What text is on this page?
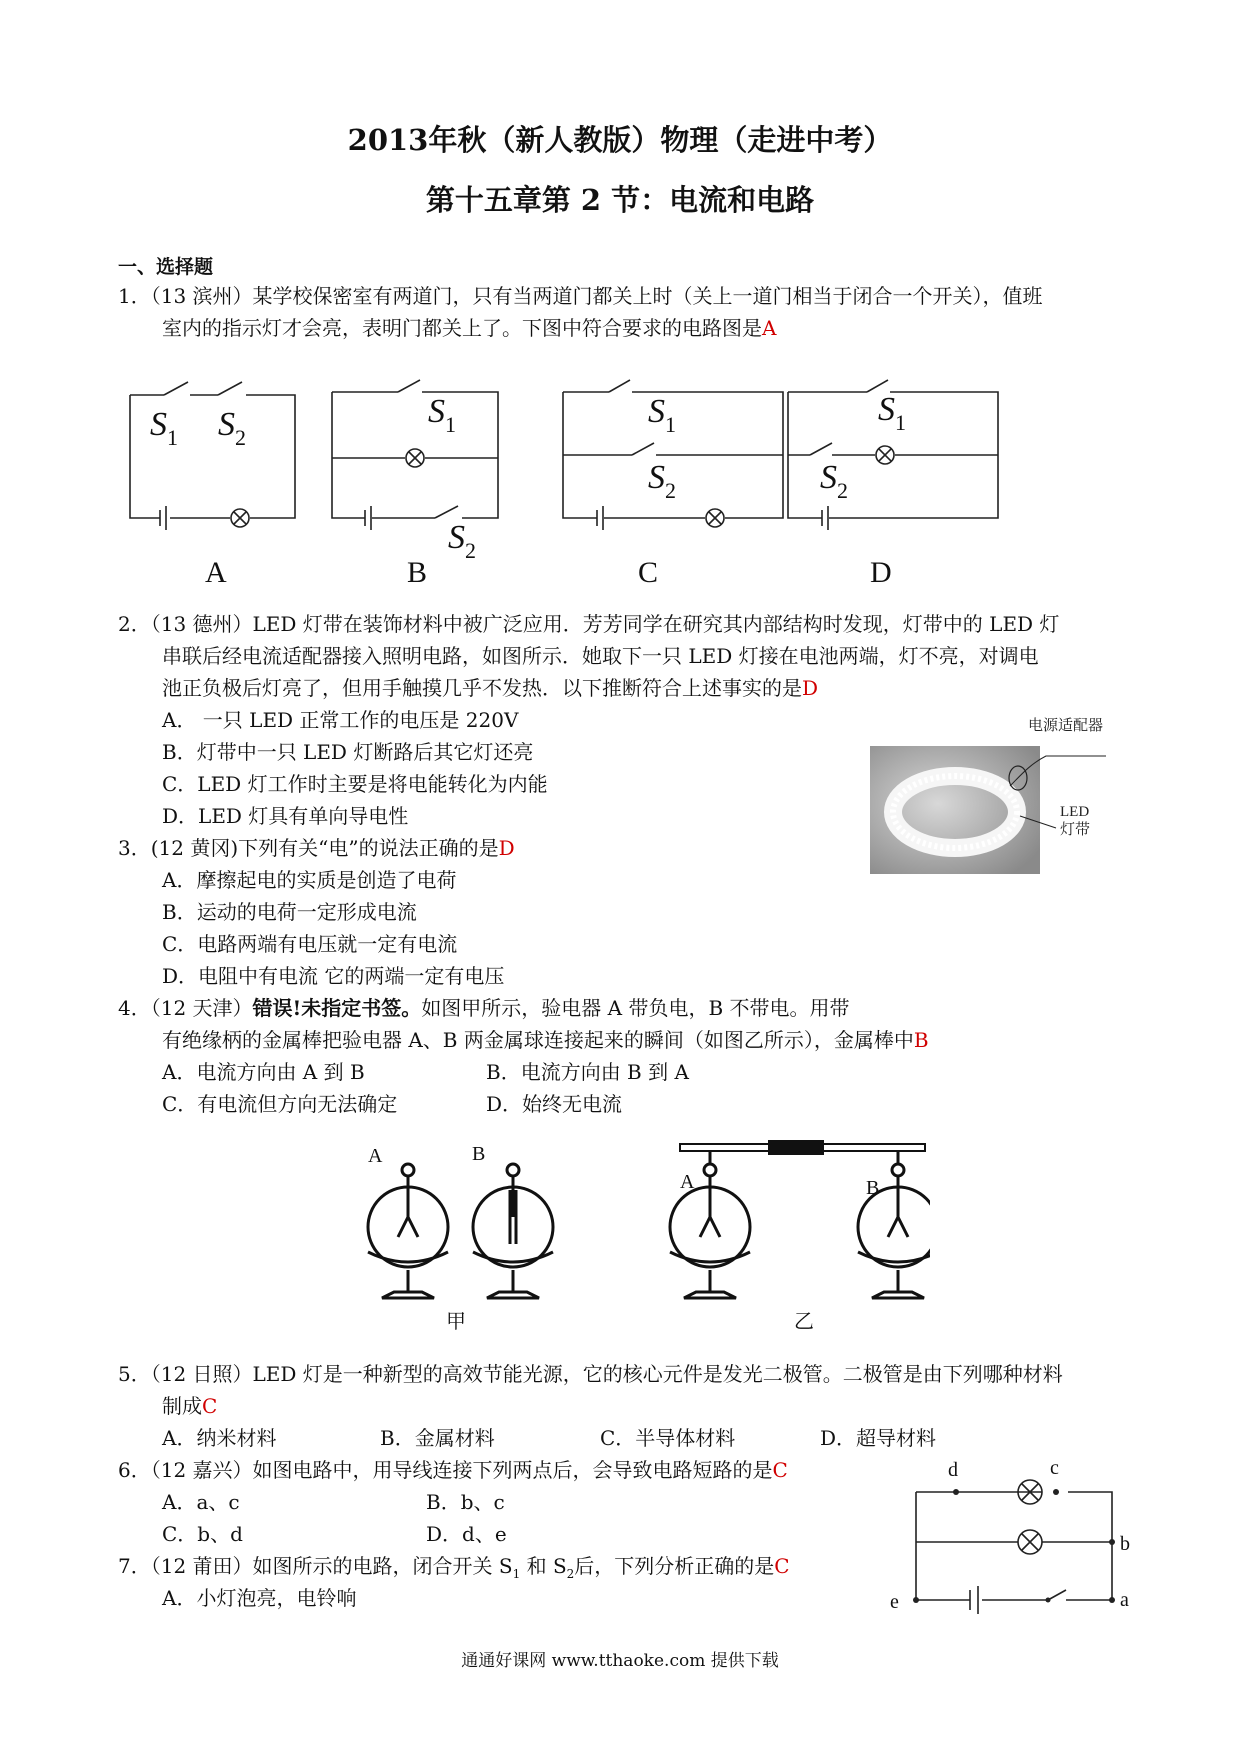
2013年秋（新人教版）物理（走进中考）
第十五章第 2 节：电流和电路
一、选择题
1．（13 滨州）某学校保密室有两道门，只有当两道门都关上时（关上一道门相当于闭合一个开关），值班
室内的指示灯才会亮，表明门都关上了。下图中符合要求的电路图是A
$S_1$ $S_2$
$S_1$
$S_2$
$S_1$
$S_2$
$S_1$
$S_2$
A	B	C	D
2．（13 德州）LED 灯带在装饰材料中被广泛应用．芳芳同学在研究其内部结构时发现，灯带中的 LED 灯
串联后经电流适配器接入照明电路，如图所示．她取下一只 LED 灯接在电池两端，灯不亮，对调电
池正负极后灯亮了，但用手触摸几乎不发热．以下推断符合上述事实的是D
A． 一只 LED 正常工作的电压是 220V
B．灯带中一只 LED 灯断路后其它灯还亮
C．LED 灯工作时主要是将电能转化为内能
D．LED 灯具有单向导电性
电源适配器
LED
灯带
3．(12 黄冈)下列有关“电”的说法正确的是D
A．摩擦起电的实质是创造了电荷
B．运动的电荷一定形成电流
C．电路两端有电压就一定有电流
D．电阻中有电流 它的两端一定有电压
4．（12 天津）错误!未指定书签。如图甲所示，验电器 A 带负电，B 不带电。用带
有绝缘柄的金属棒把验电器 A、B 两金属球连接起来的瞬间（如图乙所示），金属棒中B
A．电流方向由 A 到 B	B．电流方向由 B 到 A
C．有电流但方向无法确定	D．始终无电流
A	B
A	B
甲	乙
5．（12 日照）LED 灯是一种新型的高效节能光源，它的核心元件是发光二极管。二极管是由下列哪种材料
制成C
A．纳米材料	B．金属材料	C．半导体材料	D．超导材料
6．（12 嘉兴）如图电路中，用导线连接下列两点后，会导致电路短路的是C
A．a、c	B．b、c
C．b、d	D．d、e
d	c
b
e	a
7．（12 莆田）如图所示的电路，闭合开关 $S_1$ 和 $S_2$后，下列分析正确的是C
A．小灯泡亮，电铃响
通通好课网 www.tthaoke.com 提供下载
